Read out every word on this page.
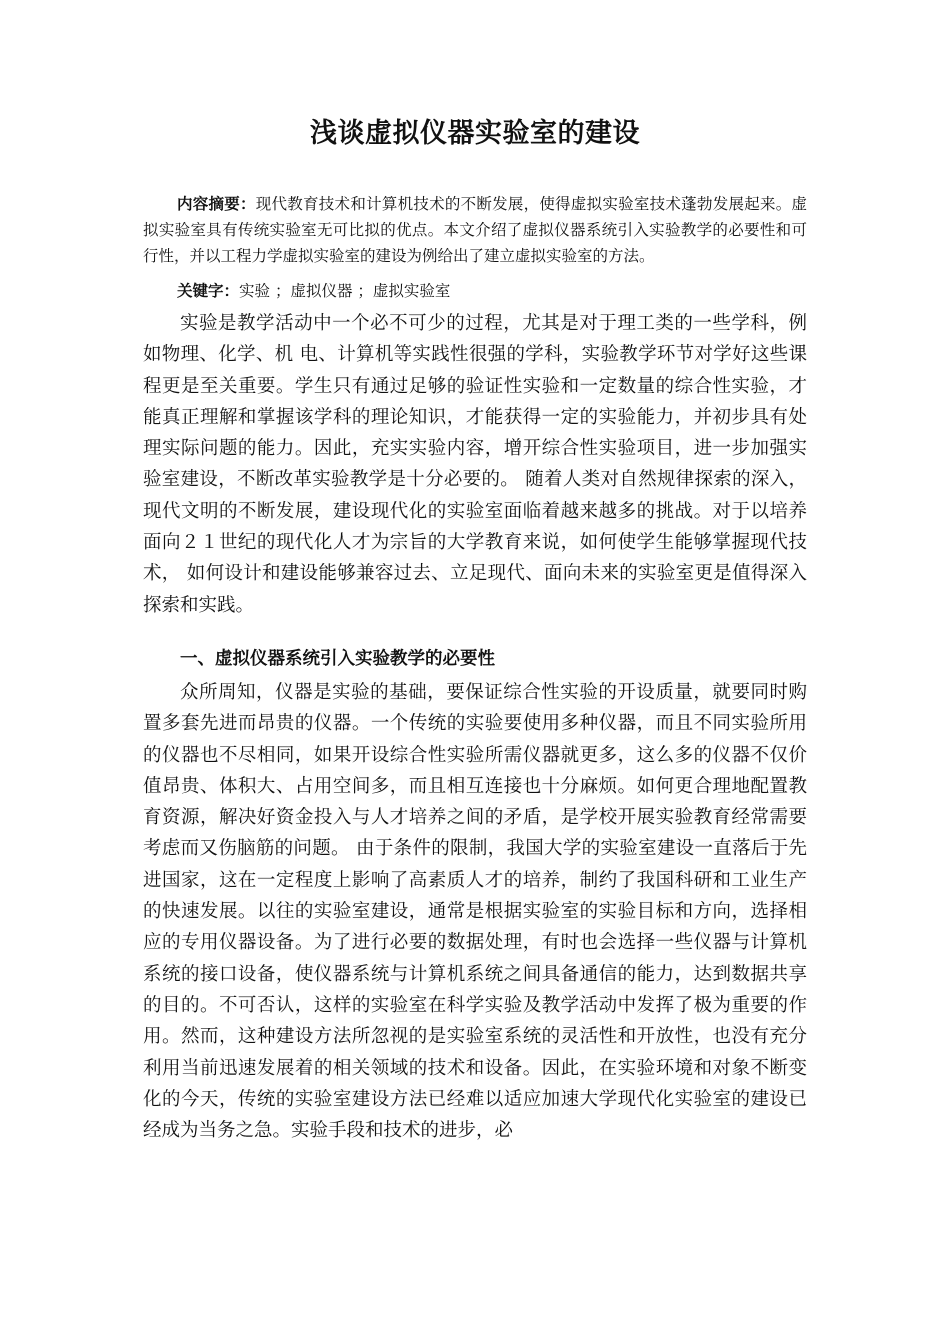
浅谈虚拟仪器实验室的建设

内容摘要：现代教育技术和计算机技术的不断发展，使得虚拟实验室技术蓬勃发展起来。虚拟实验室具有传统实验室无可比拟的优点。本文介绍了虚拟仪器系统引入实验教学的必要性和可行性，并以工程力学虚拟实验室的建设为例给出了建立虚拟实验室的方法。

关键字：实验 ；虚拟仪器 ；虚拟实验室

实验是教学活动中一个必不可少的过程，尤其是对于理工类的一些学科，例如物理、化学、机 电、计算机等实践性很强的学科，实验教学环节对学好这些课程更是至关重要。学生只有通过足够的验证性实验和一定数量的综合性实验，才能真正理解和掌握该学科的理论知识，才能获得一定的实验能力，并初步具有处理实际问题的能力。因此，充实实验内容，增开综合性实验项目，进一步加强实验室建设，不断改革实验教学是十分必要的。 随着人类对自然规律探索的深入，现代文明的不断发展，建设现代化的实验室面临着越来越多的挑战。对于以培养面向２１世纪的现代化人才为宗旨的大学教育来说，如何使学生能够掌握现代技术， 如何设计和建设能够兼容过去、立足现代、面向未来的实验室更是值得深入探索和实践。

一、虚拟仪器系统引入实验教学的必要性

众所周知，仪器是实验的基础，要保证综合性实验的开设质量，就要同时购置多套先进而昂贵的仪器。一个传统的实验要使用多种仪器，而且不同实验所用的仪器也不尽相同，如果开设综合性实验所需仪器就更多，这么多的仪器不仅价值昂贵、体积大、占用空间多，而且相互连接也十分麻烦。如何更合理地配置教育资源，解决好资金投入与人才培养之间的矛盾，是学校开展实验教育经常需要考虑而又伤脑筋的问题。 由于条件的限制，我国大学的实验室建设一直落后于先进国家，这在一定程度上影响了高素质人才的培养，制约了我国科研和工业生产的快速发展。以往的实验室建设，通常是根据实验室的实验目标和方向，选择相应的专用仪器设备。为了进行必要的数据处理，有时也会选择一些仪器与计算机系统的接口设备，使仪器系统与计算机系统之间具备通信的能力，达到数据共享的目的。不可否认，这样的实验室在科学实验及教学活动中发挥了极为重要的作用。然而，这种建设方法所忽视的是实验室系统的灵活性和开放性，也没有充分利用当前迅速发展着的相关领域的技术和设备。因此，在实验环境和对象不断变化的今天，传统的实验室建设方法已经难以适应加速大学现代化实验室的建设已经成为当务之急。实验手段和技术的进步，必
